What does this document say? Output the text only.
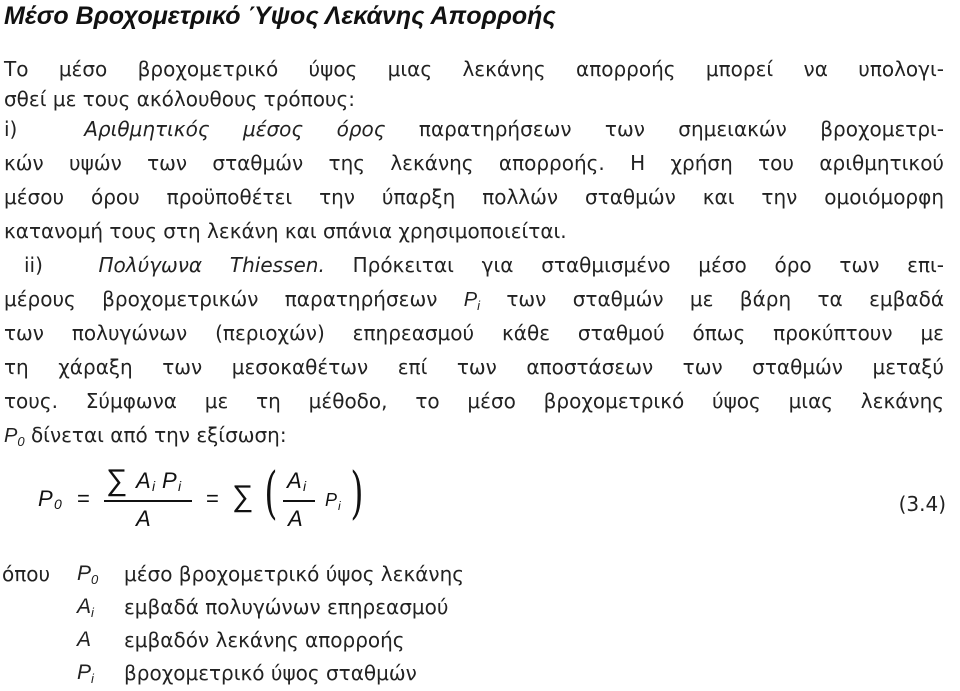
Μέσο Βροχομετρικό Ύψος Λεκάνης Απορροής
Το μέσο βροχομετρικό ύψος μιας λεκάνης απορροής μπορεί να υπολογι-
σθεί με τους ακόλουθους τρόπους:
i)	Αριθμητικός μέσος όρος παρατηρήσεων των σημειακών βροχομετρι-
κών υψών των σταθμών της λεκάνης απορροής. Η χρήση του αριθμητικού
μέσου όρου προϋποθέτει την ύπαρξη πολλών σταθμών και την ομοιόμορφη
κατανομή τους στη λεκάνη και σπάνια χρησιμοποιείται.
ii)	Πολύγωνα Thiessen. Πρόκειται για σταθμισμένο μέσο όρο των επι-
μέρους βροχομετρικών παρατηρήσεων $P_i$ των σταθμών με βάρη τα εμβαδά
των πολυγώνων (περιοχών) επηρεασμού κάθε σταθμού όπως προκύπτουν με
τη χάραξη των μεσοκαθέτων επί των αποστάσεων των σταθμών μεταξύ
τους. Σύμφωνα με τη μέθοδο, το μέσο βροχομετρικό ύψος μιας λεκάνης
$P_0$ δίνεται από την εξίσωση:
P 0 =
∑ A i P i
A
= ∑ ( A i
A
P i )	(3.4)
όπου $P_0$ μέσο βροχομετρικό ύψος λεκάνης
$A_i$ εμβαδά πολυγώνων επηρεασμού
A εμβαδόν λεκάνης απορροής
$P_i$ βροχομετρικό ύψος σταθμών
